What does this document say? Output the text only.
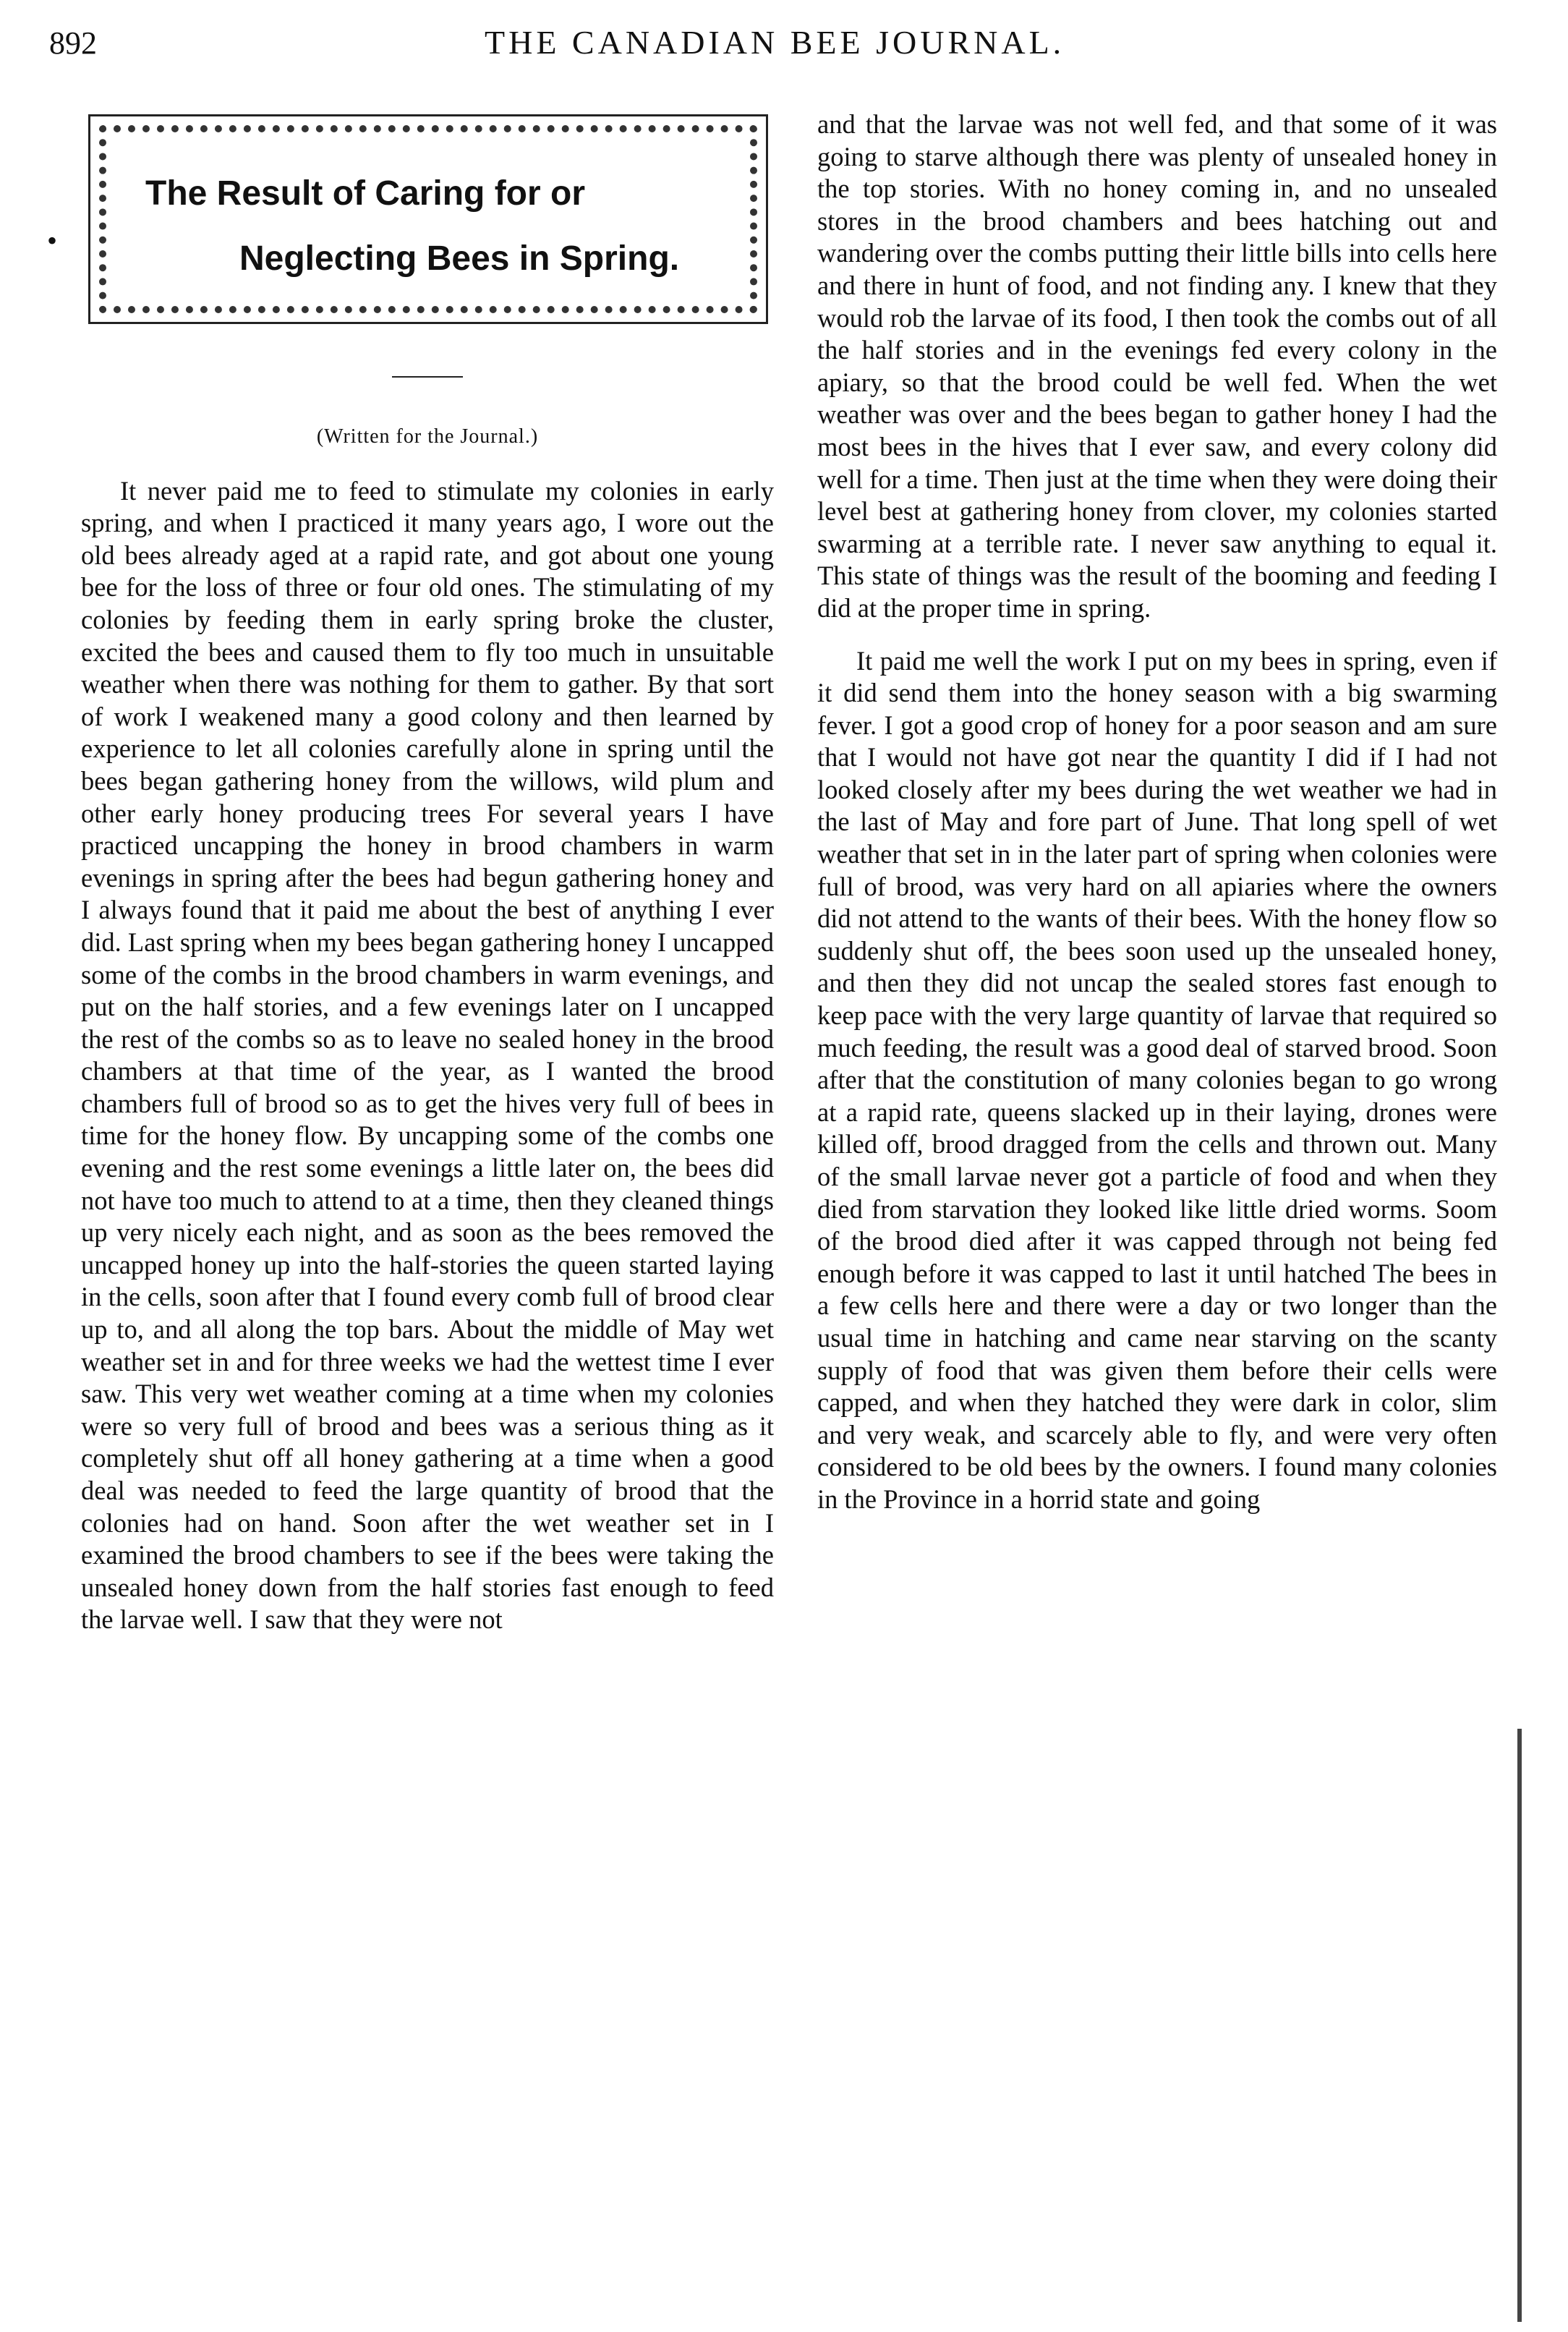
892	THE CANADIAN BEE JOURNAL.
•
The Result of Caring for or
Neglecting Bees in Spring.
(Written for the Journal.)

It never paid me to feed to stimulate my colonies in early spring, and when I practiced it many years ago, I wore out the old bees already aged at a rapid rate, and got about one young bee for the loss of three or four old ones. The stimulating of my colonies by feeding them in early spring broke the cluster, excited the bees and caused them to fly too much in unsuitable weather when there was nothing for them to gather. By that sort of work I weakened many a good colony and then learned by experience to let all colonies carefully alone in spring until the bees began gathering honey from the willows, wild plum and other early honey producing trees For several years I have practiced uncapping the honey in brood chambers in warm evenings in spring after the bees had begun gathering honey and I always found that it paid me about the best of anything I ever did. Last spring when my bees began gathering honey I uncapped some of the combs in the brood chambers in warm evenings, and put on the half stories, and a few evenings later on I uncapped the rest of the combs so as to leave no sealed honey in the brood chambers at that time of the year, as I wanted the brood chambers full of brood so as to get the hives very full of bees in time for the honey flow. By uncapping some of the combs one evening and the rest some evenings a little later on, the bees did not have too much to attend to at a time, then they cleaned things up very nicely each night, and as soon as the bees removed the uncapped honey up into the half-stories the queen started laying in the cells, soon after that I found every comb full of brood clear up to, and all along the top bars. About the middle of May wet weather set in and for three weeks we had the wettest time I ever saw. This very wet weather coming at a time when my colonies were so very full of brood and bees was a serious thing as it completely shut off all honey gathering at a time when a good deal was needed to feed the large quantity of brood that the colonies had on hand. Soon after the wet weather set in I examined the brood chambers to see if the bees were taking the unsealed honey down from the half stories fast enough to feed the larvae well. I saw that they were not

and that the larvae was not well fed, and that some of it was going to starve although there was plenty of unsealed honey in the top stories. With no honey coming in, and no unsealed stores in the brood chambers and bees hatching out and wandering over the combs putting their little bills into cells here and there in hunt of food, and not finding any. I knew that they would rob the larvae of its food, I then took the combs out of all the half stories and in the evenings fed every colony in the apiary, so that the brood could be well fed. When the wet weather was over and the bees began to gather honey I had the most bees in the hives that I ever saw, and every colony did well for a time. Then just at the time when they were doing their level best at gathering honey from clover, my colonies started swarming at a terrible rate. I never saw anything to equal it. This state of things was the result of the booming and feeding I did at the proper time in spring.

It paid me well the work I put on my bees in spring, even if it did send them into the honey season with a big swarming fever. I got a good crop of honey for a poor season and am sure that I would not have got near the quantity I did if I had not looked closely after my bees during the wet weather we had in the last of May and fore part of June. That long spell of wet weather that set in in the later part of spring when colonies were full of brood, was very hard on all apiaries where the owners did not attend to the wants of their bees. With the honey flow so suddenly shut off, the bees soon used up the unsealed honey, and then they did not uncap the sealed stores fast enough to keep pace with the very large quantity of larvae that required so much feeding, the result was a good deal of starved brood. Soon after that the constitution of many colonies began to go wrong at a rapid rate, queens slacked up in their laying, drones were killed off, brood dragged from the cells and thrown out. Many of the small larvae never got a particle of food and when they died from starvation they looked like little dried worms. Soom of the brood died after it was capped through not being fed enough before it was capped to last it until hatched The bees in a few cells here and there were a day or two longer than the usual time in hatching and came near starving on the scanty supply of food that was given them before their cells were capped, and when they hatched they were dark in color, slim and very weak, and scarcely able to fly, and were very often considered to be old bees by the owners. I found many colonies in the Province in a horrid state and going
